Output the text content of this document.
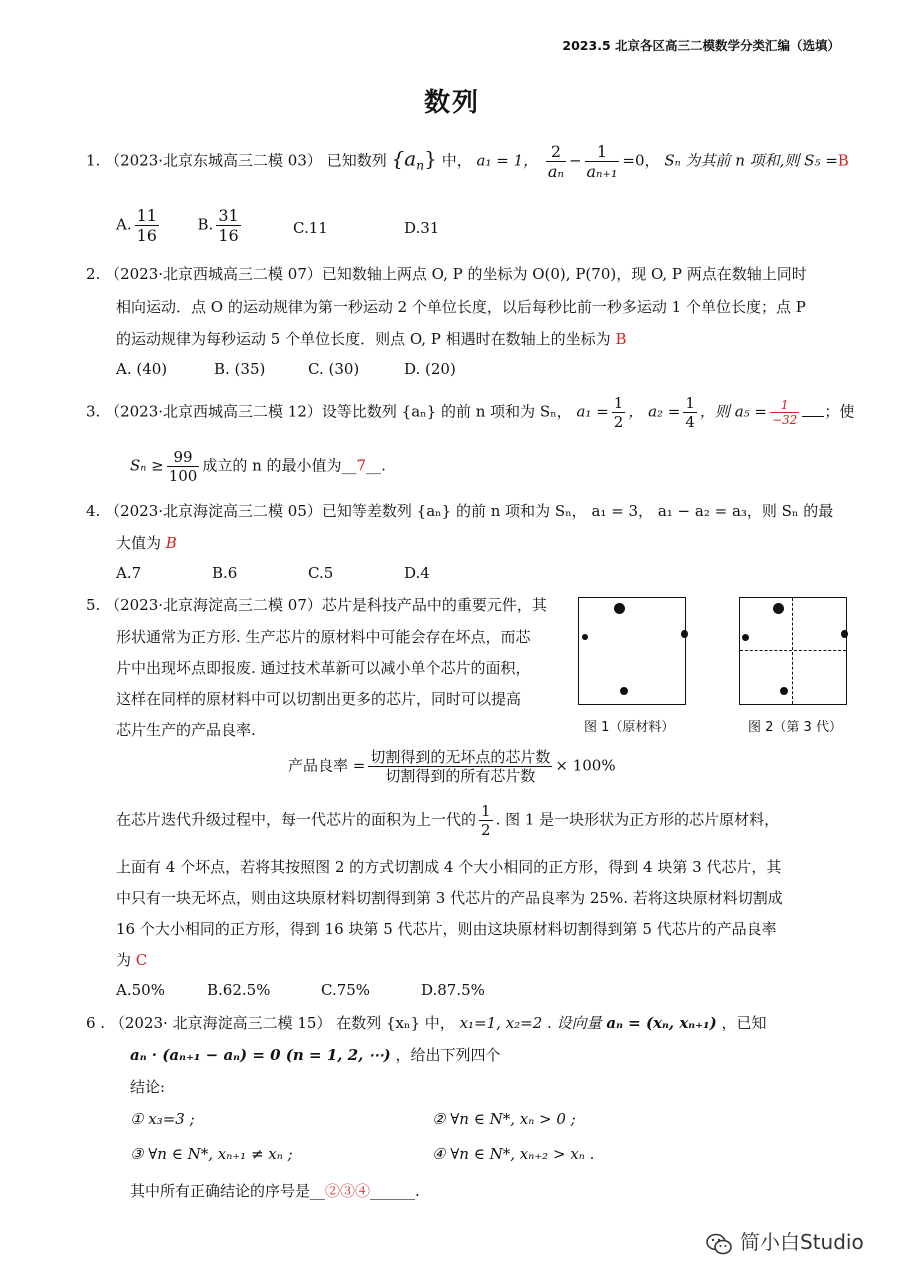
2023.5 北京各区高三二模数学分类汇编（选填）
数列
1. （2023·北京东城高三二模 03） 已知数列 $\{a_n\}$ 中， a₁ = 1， $\frac{2}{\text{aₙ}} - \frac{1}{\text{aₙ₊₁}} =0$， Sₙ 为其前 n 项和,则 S₅ =B
A. $\frac{11}{16}$	B. $\frac{31}{16}$	C.11	D.31
2. （2023·北京西城高三二模 07）已知数轴上两点 O, P 的坐标为 O(0), P(70)，现 O, P 两点在数轴上同时
相向运动．点 O 的运动规律为第一秒运动 2 个单位长度，以后每秒比前一秒多运动 1 个单位长度；点 P
的运动规律为每秒运动 5 个单位长度．则点 O, P 相遇时在数轴上的坐标为 B
A. (40)	B. (35)	C. (30)	D. (20)
3. （2023·北京西城高三二模 12）设等比数列 {aₙ} 的前 n 项和为 Sₙ， $a_1 = \frac{1}{2}$ ， $a_2 = \frac{1}{4}$ ，则 $a_5 = \frac{1}{-32}$ ；使
$S_n \ge \frac{99}{100}$ 成立的 n 的最小值为__7__.
4. （2023·北京海淀高三二模 05）已知等差数列 {aₙ} 的前 n 项和为 Sₙ， a₁ = 3， a₁ − a₂ = a₃，则 Sₙ 的最
大值为 B
A.7	B.6	C.5	D.4
5. （2023·北京海淀高三二模 07）芯片是科技产品中的重要元件，其
形状通常为正方形. 生产芯片的原材料中可能会存在坏点，而芯
片中出现坏点即报废. 通过技术革新可以减小单个芯片的面积，
这样在同样的原材料中可以切割出更多的芯片，同时可以提高
芯片生产的产品良率.	图 1（原材料）	图 2（第 3 代）
产品良率 = $\frac{\text{切割得到的无坏点的芯片数}}{\text{切割得到的所有芯片数}} \times 100\%$
在芯片迭代升级过程中，每一代芯片的面积为上一代的 $\frac{1}{2}$ . 图 1 是一块形状为正方形的芯片原材料，
上面有 4 个坏点，若将其按照图 2 的方式切割成 4 个大小相同的正方形，得到 4 块第 3 代芯片，其
中只有一块无坏点，则由这块原材料切割得到第 3 代芯片的产品良率为 25%. 若将这块原材料切割成
16 个大小相同的正方形，得到 16 块第 5 代芯片，则由这块原材料切割得到第 5 代芯片的产品良率
为 C
A.50%	B.62.5%	C.75%	D.87.5%
6 . （2023· 北京海淀高三二模 15） 在数列 {xₙ} 中， x₁=1, x₂=2 . 设向量 aₙ = (xₙ, xₙ₊₁) ，已知
aₙ · (aₙ₊₁ − aₙ) = 0 (n = 1, 2, ⋯) ，给出下列四个
结论:
① x₃=3 ;	② ∀n ∈ N*, xₙ > 0 ;
③ ∀n ∈ N*, xₙ₊₁ ≠ xₙ ;	④ ∀n ∈ N*, xₙ₊₂ > xₙ .
其中所有正确结论的序号是__②③④______.
简小白Studio
